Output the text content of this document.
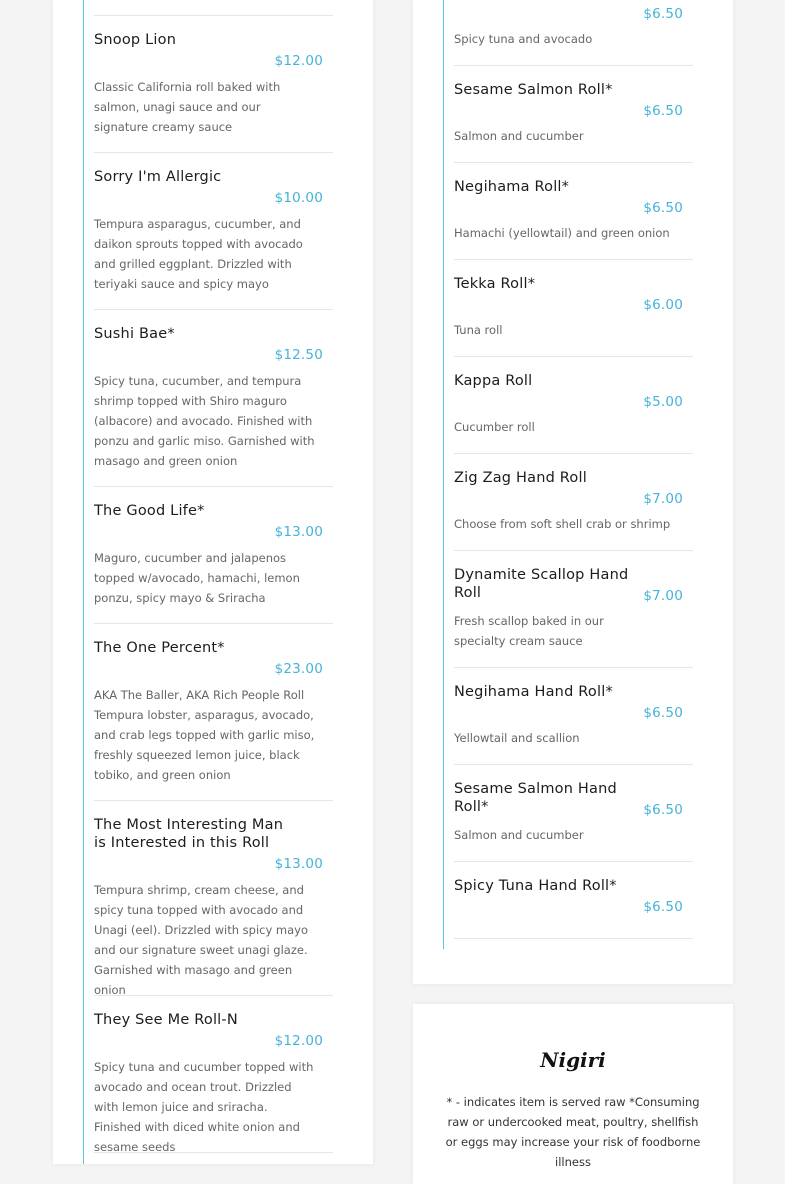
Snoop Lion
$12.00
Classic California roll baked with salmon, unagi sauce and our signature creamy sauce
Sorry I'm Allergic
$10.00
Tempura asparagus, cucumber, and daikon sprouts topped with avocado and grilled eggplant. Drizzled with teriyaki sauce and spicy mayo
Sushi Bae*
$12.50
Spicy tuna, cucumber, and tempura shrimp topped with Shiro maguro (albacore) and avocado. Finished with ponzu and garlic miso. Garnished with masago and green onion
The Good Life*
$13.00
Maguro, cucumber and jalapenos topped w/avocado, hamachi, lemon ponzu, spicy mayo & Sriracha
The One Percent*
$23.00
AKA The Baller, AKA Rich People Roll Tempura lobster, asparagus, avocado, and crab legs topped with garlic miso, freshly squeezed lemon juice, black tobiko, and green onion
The Most Interesting Man is Interested in this Roll
$13.00
Tempura shrimp, cream cheese, and spicy tuna topped with avocado and Unagi (eel). Drizzled with spicy mayo and our signature sweet unagi glaze. Garnished with masago and green onion
They See Me Roll-N
$12.00
Spicy tuna and cucumber topped with avocado and ocean trout. Drizzled with lemon juice and sriracha. Finished with diced white onion and sesame seeds
$6.50
Spicy tuna and avocado
Sesame Salmon Roll*
$6.50
Salmon and cucumber
Negihama Roll*
$6.50
Hamachi (yellowtail) and green onion
Tekka Roll*
$6.00
Tuna roll
Kappa Roll
$5.00
Cucumber roll
Zig Zag Hand Roll
$7.00
Choose from soft shell crab or shrimp
Dynamite Scallop Hand Roll	$7.00
Fresh scallop baked in our specialty cream sauce
Negihama Hand Roll*
$6.50
Yellowtail and scallion
Sesame Salmon Hand Roll*	$6.50
Salmon and cucumber
Spicy Tuna Hand Roll*
$6.50
Nigiri
* - indicates item is served raw *Consuming raw or undercooked meat, poultry, shellfish or eggs may increase your risk of foodborne illness
